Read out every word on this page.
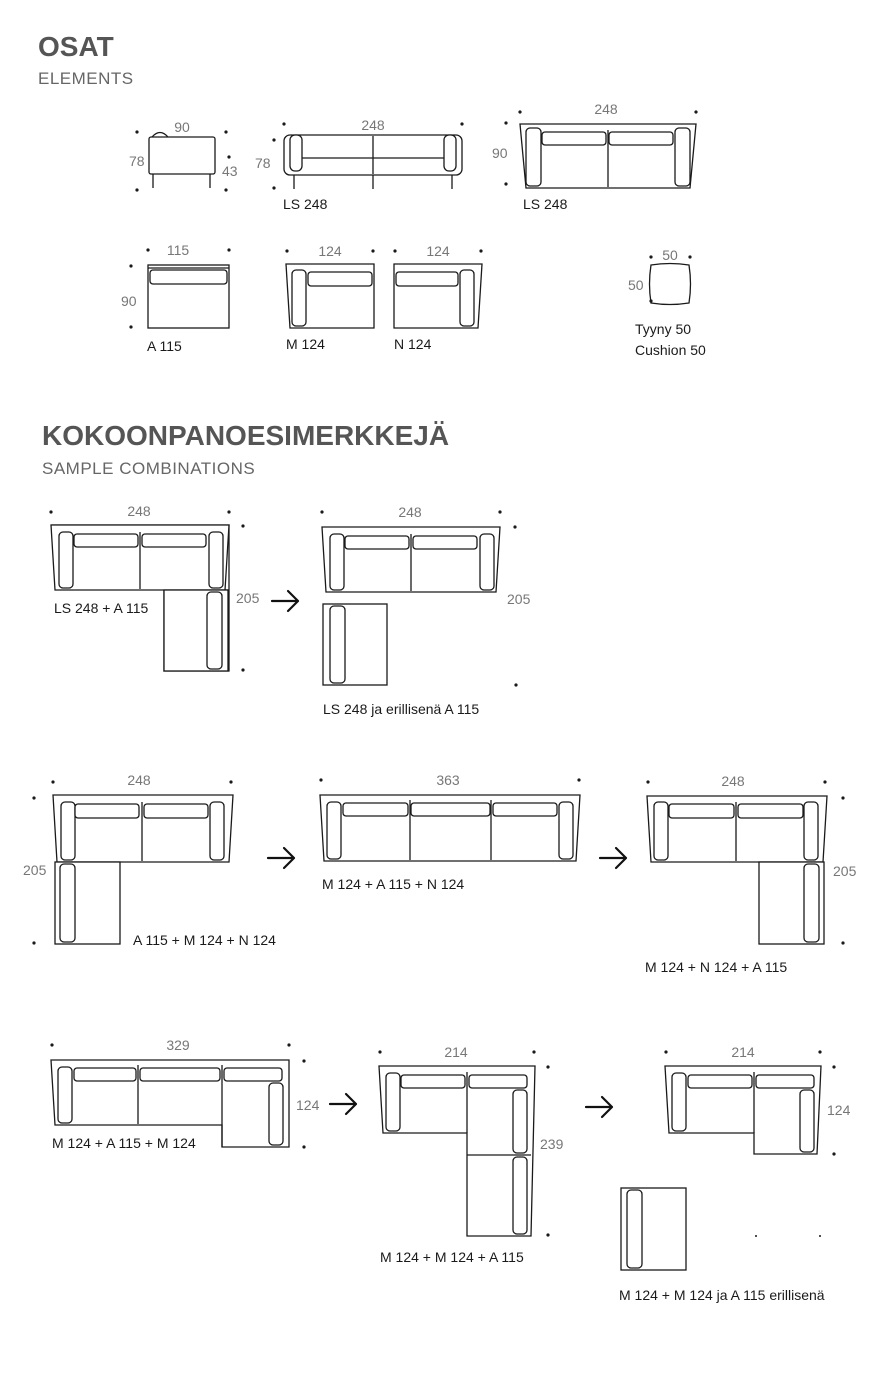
OSAT
ELEMENTS
KOKOONPANOESIMERKKEJÄ
SAMPLE COMBINATIONS
90
78
43
248
78
LS 248
248
90
LS 248
115
90
A 115
124
M 124
124
N 124
50
50
Tyyny 50
Cushion 50
248
205
LS 248 + A 115
248
205
LS 248 ja erillisenä A 115
248
205
A 115 + M 124 + N 124
363
M 124 + A 115 + N 124
248
205
M 124 + N 124 + A 115
329
124
M 124 + A 115 + M 124
214
239
M 124 + M 124 + A 115
214
124
M 124 + M 124 ja A 115 erillisenä
